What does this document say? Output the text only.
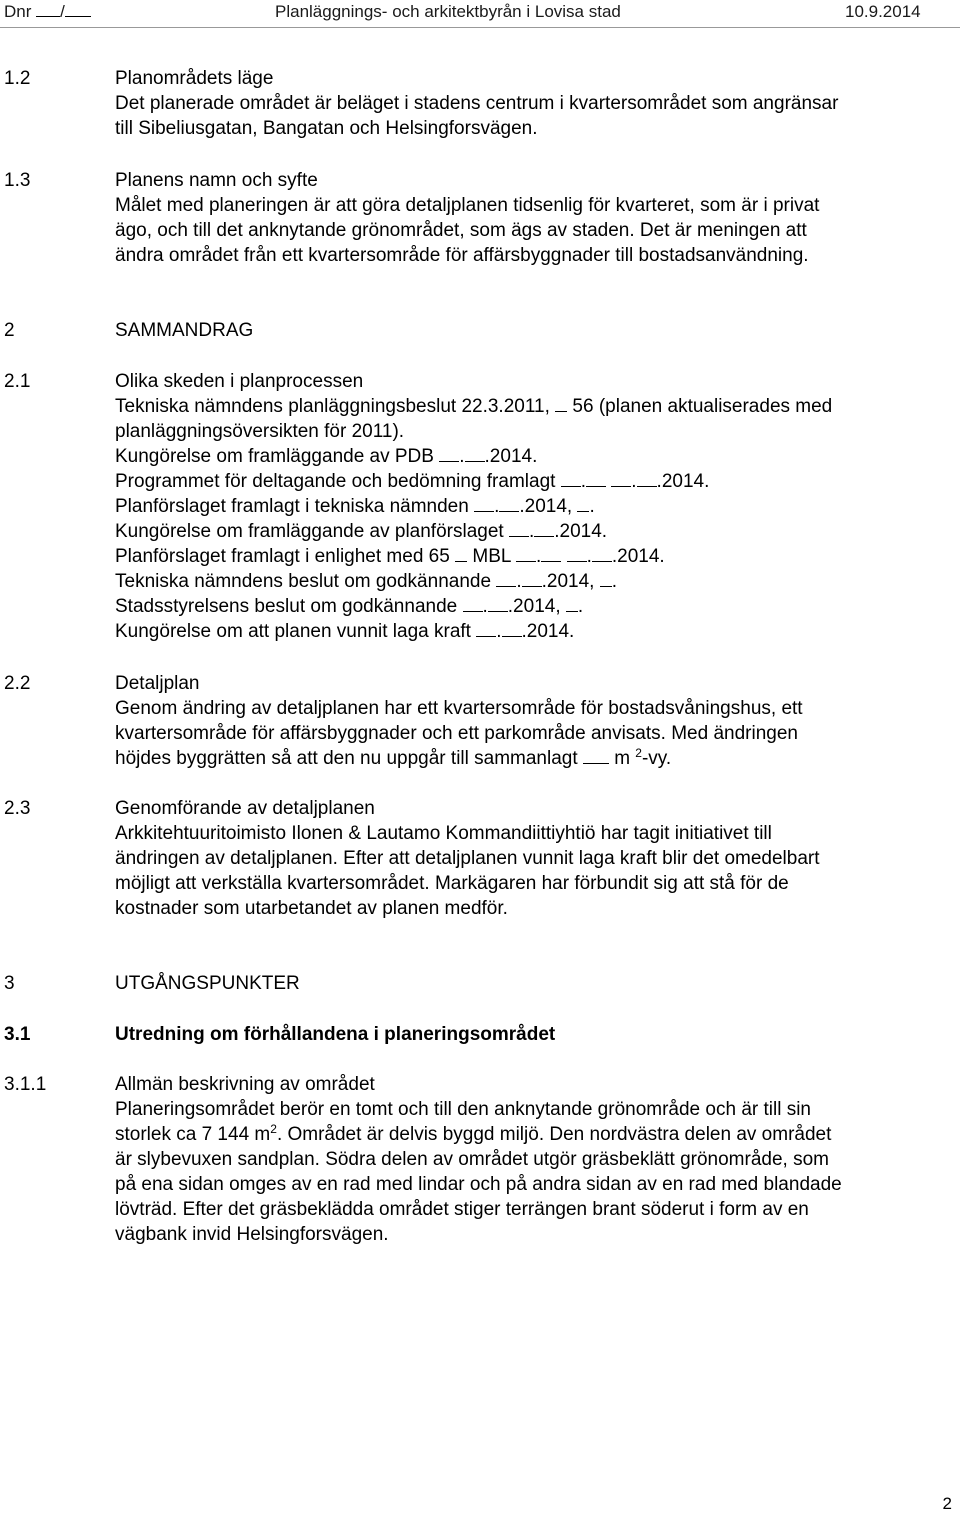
Dnr /	Planläggnings- och arkitektbyrån i Lovisa stad	10.9.2014
1.2	Planområdets läge
Det planerade området är beläget i stadens centrum i kvartersområdet som angränsar
till Sibeliusgatan, Bangatan och Helsingforsvägen.
1.3	Planens namn och syfte
Målet med planeringen är att göra detaljplanen tidsenlig för kvarteret, som är i privat
ägo, och till det anknytande grönområdet, som ägs av staden. Det är meningen att
ändra området från ett kvartersområde för affärsbyggnader till bostadsanvändning.
2	SAMMANDRAG
2.1	Olika skeden i planprocessen
Tekniska nämndens planläggningsbeslut 22.3.2011, 56 (planen aktualiserades med
planläggningsöversikten för 2011).
Kungörelse om framläggande av PDB . .2014.
Programmet för deltagande och bedömning framlagt . . .2014.
Planförslaget framlagt i tekniska nämnden . .2014, .
Kungörelse om framläggande av planförslaget . .2014.
Planförslaget framlagt i enlighet med 65 MBL . . .2014.
Tekniska nämndens beslut om godkännande . .2014, .
Stadsstyrelsens beslut om godkännande . .2014, .
Kungörelse om att planen vunnit laga kraft . .2014.
2.2	Detaljplan
Genom ändring av detaljplanen har ett kvartersområde för bostadsvåningshus, ett
kvartersområde för affärsbyggnader och ett parkområde anvisats. Med ändringen
höjdes byggrätten så att den nu uppgår till sammanlagt m $^2$-vy.
2.3	Genomförande av detaljplanen
Arkkitehtuuritoimisto Ilonen & Lautamo Kommandiittiyhtiö har tagit initiativet till
ändringen av detaljplanen. Efter att detaljplanen vunnit laga kraft blir det omedelbart
möjligt att verkställa kvartersområdet. Markägaren har förbundit sig att stå för de
kostnader som utarbetandet av planen medför.
3	UTGÅNGSPUNKTER
3.1	Utredning om förhållandena i planeringsområdet
3.1.1	Allmän beskrivning av området
Planeringsområdet berör en tomt och till den anknytande grönområde och är till sin
storlek ca 7 144 $m^2$. Området är delvis byggd miljö. Den nordvästra delen av området
är slybevuxen sandplan. Södra delen av området utgör gräsbeklätt grönområde, som
på ena sidan omges av en rad med lindar och på andra sidan av en rad med blandade
lövträd. Efter det gräsbeklädda området stiger terrängen brant söderut i form av en
vägbank invid Helsingforsvägen.
2
